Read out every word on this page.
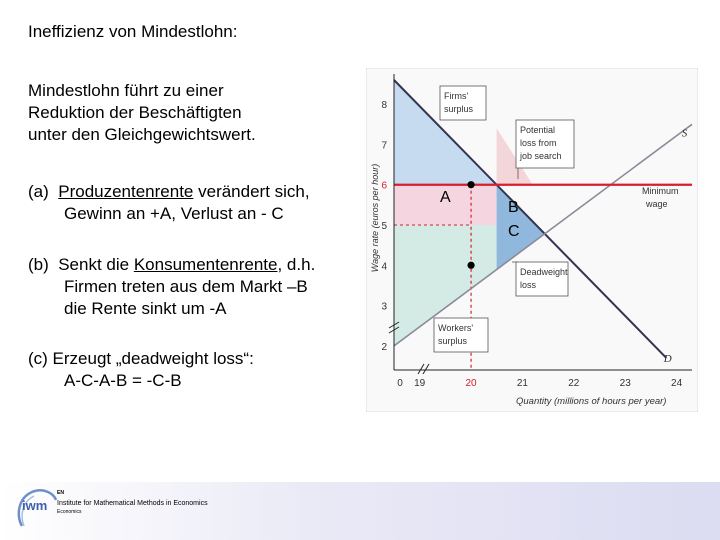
Ineffizienz von Mindestlohn:
Mindestlohn führt zu einer
Reduktion der Beschäftigten
unter den Gleichgewichtswert.
(a)  Produzentenrente verändert sich,
Gewinn an +A, Verlust an - C
(b)  Senkt die Konsumentenrente, d.h.
Firmen treten aus dem Markt –B
die Rente sinkt um -A
(c) Erzeugt „deadweight loss“:
A-C-A-B = -C-B
2
3
4
5
6
7
8
0 19	20	21	22	23	24
Wage rate (euros per hour)
Quantity (millions of hours per year)
D
S
Firms'
surplus
Potential
loss from
job search
Deadweight
loss
Workers'
surplus
Minimum
wage
A
B
C
iwm
EN
Institute for Mathematical Methods in Economics
Economics
